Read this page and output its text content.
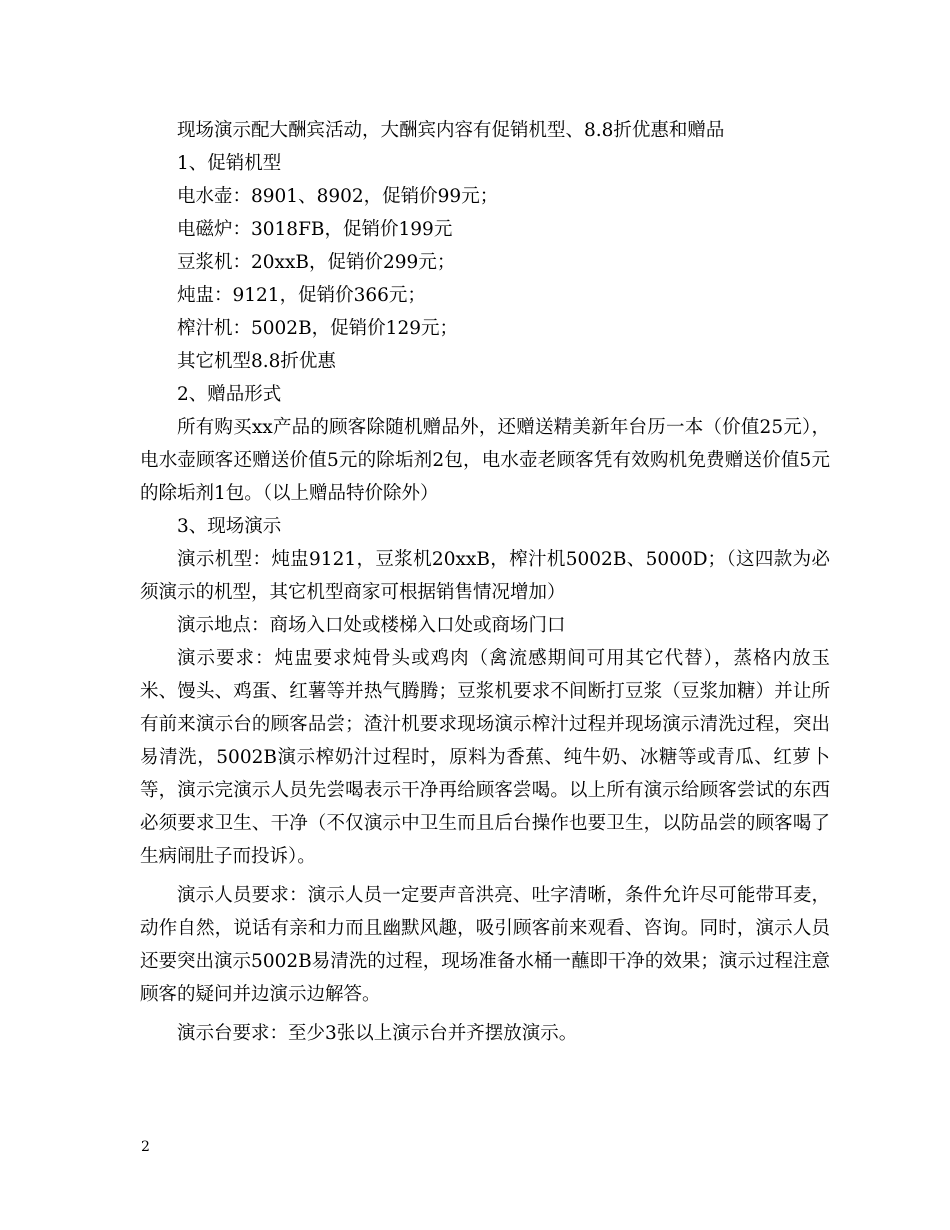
现场演示配大酬宾活动，大酬宾内容有促销机型、8.8折优惠和赠品

1、促销机型

电水壶：8901、8902，促销价99元；

电磁炉：3018FB，促销价199元

豆浆机：20xxB，促销价299元；

炖盅：9121，促销价366元；

榨汁机：5002B，促销价129元；

其它机型8.8折优惠

2、赠品形式

所有购买xx产品的顾客除随机赠品外，还赠送精美新年台历一本（价值25元），电水壶顾客还赠送价值5元的除垢剂2包，电水壶老顾客凭有效购机免费赠送价值5元的除垢剂1包。（以上赠品特价除外）

3、现场演示

演示机型：炖盅9121，豆浆机20xxB，榨汁机5002B、5000D；（这四款为必须演示的机型，其它机型商家可根据销售情况增加）

演示地点：商场入口处或楼梯入口处或商场门口

演示要求：炖盅要求炖骨头或鸡肉（禽流感期间可用其它代替），蒸格内放玉米、馒头、鸡蛋、红薯等并热气腾腾；豆浆机要求不间断打豆浆（豆浆加糖）并让所有前来演示台的顾客品尝；渣汁机要求现场演示榨汁过程并现场演示清洗过程，突出易清洗，5002B演示榨奶汁过程时，原料为香蕉、纯牛奶、冰糖等或青瓜、红萝卜等，演示完演示人员先尝喝表示干净再给顾客尝喝。以上所有演示给顾客尝试的东西必须要求卫生、干净（不仅演示中卫生而且后台操作也要卫生，以防品尝的顾客喝了生病闹肚子而投诉）。

演示人员要求：演示人员一定要声音洪亮、吐字清晰，条件允许尽可能带耳麦，动作自然，说话有亲和力而且幽默风趣，吸引顾客前来观看、咨询。同时，演示人员还要突出演示5002B易清洗的过程，现场准备水桶一蘸即干净的效果；演示过程注意顾客的疑问并边演示边解答。

演示台要求：至少3张以上演示台并齐摆放演示。

2
